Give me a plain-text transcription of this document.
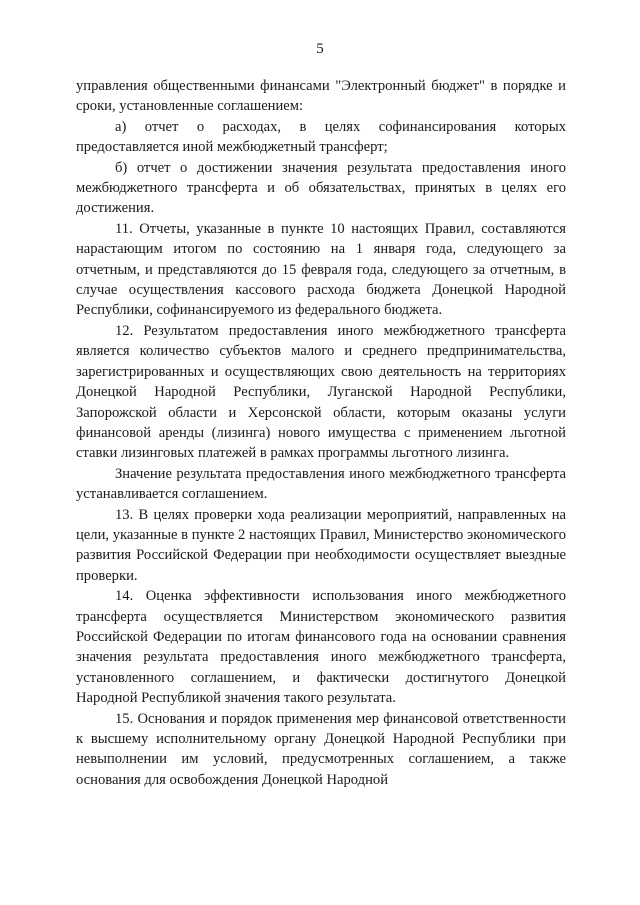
5

управления общественными финансами "Электронный бюджет" в порядке и сроки, установленные соглашением:

а) отчет о расходах, в целях софинансирования которых предоставляется иной межбюджетный трансферт;

б) отчет о достижении значения результата предоставления иного межбюджетного трансферта и об обязательствах, принятых в целях его достижения.

11. Отчеты, указанные в пункте 10 настоящих Правил, составляются нарастающим итогом по состоянию на 1 января года, следующего за отчетным, и представляются до 15 февраля года, следующего за отчетным, в случае осуществления кассового расхода бюджета Донецкой Народной Республики, софинансируемого из федерального бюджета.

12. Результатом предоставления иного межбюджетного трансферта является количество субъектов малого и среднего предпринимательства, зарегистрированных и осуществляющих свою деятельность на территориях Донецкой Народной Республики, Луганской Народной Республики, Запорожской области и Херсонской области, которым оказаны услуги финансовой аренды (лизинга) нового имущества с применением льготной ставки лизинговых платежей в рамках программы льготного лизинга.

Значение результата предоставления иного межбюджетного трансферта устанавливается соглашением.

13. В целях проверки хода реализации мероприятий, направленных на цели, указанные в пункте 2 настоящих Правил, Министерство экономического развития Российской Федерации при необходимости осуществляет выездные проверки.

14. Оценка эффективности использования иного межбюджетного трансферта осуществляется Министерством экономического развития Российской Федерации по итогам финансового года на основании сравнения значения результата предоставления иного межбюджетного трансферта, установленного соглашением, и фактически достигнутого Донецкой Народной Республикой значения такого результата.

15. Основания и порядок применения мер финансовой ответственности к высшему исполнительному органу Донецкой Народной Республики при невыполнении им условий, предусмотренных соглашением, а также основания для освобождения Донецкой Народной
